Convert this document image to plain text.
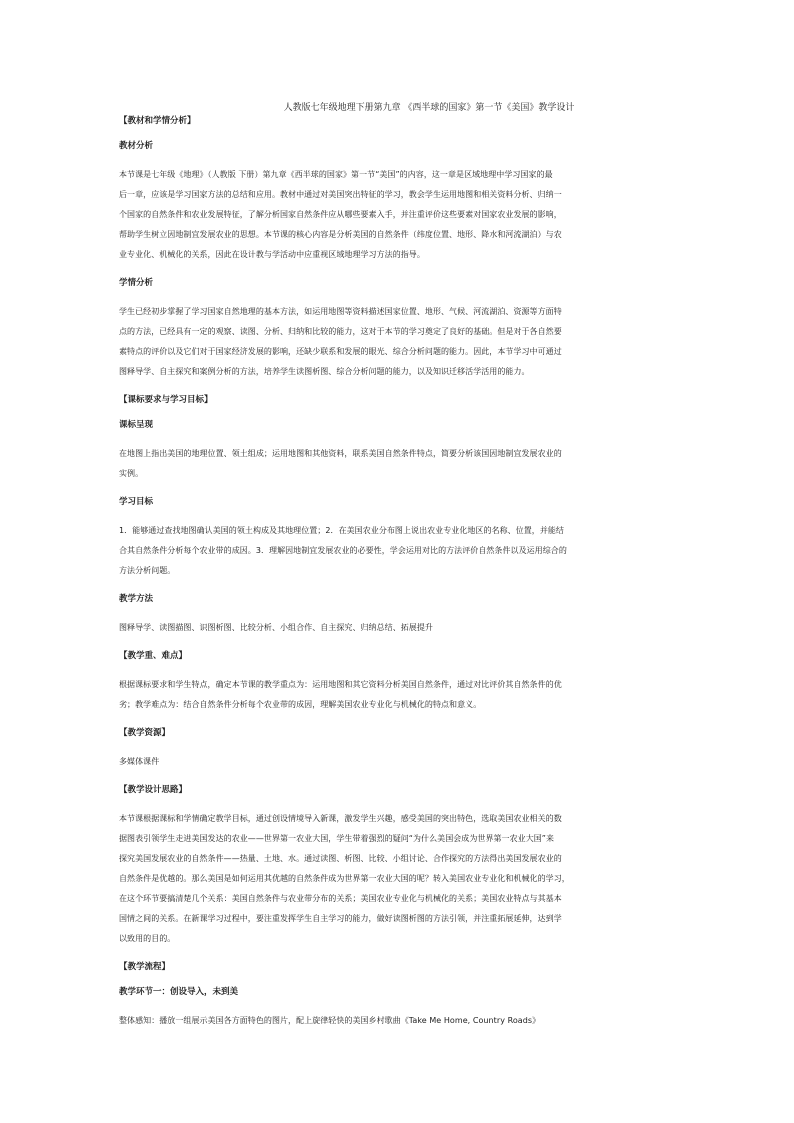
人教版七年级地理下册第九章 《西半球的国家》第一节《美国》教学设计
【教材和学情分析】
教材分析
本节课是七年级《地理》（人教版 下册）第九章《西半球的国家》第一节“美国”的内容，这一章是区域地理中学习国家的最
后一章，应该是学习国家方法的总结和应用。教材中通过对美国突出特征的学习，教会学生运用地图和相关资料分析、归纳一
个国家的自然条件和农业发展特征，了解分析国家自然条件应从哪些要素入手，并注重评价这些要素对国家农业发展的影响，
帮助学生树立因地制宜发展农业的思想。本节课的核心内容是分析美国的自然条件（纬度位置、地形、降水和河流湖泊）与农
业专业化、机械化的关系，因此在设计教与学活动中应重视区域地理学习方法的指导。
学情分析
学生已经初步掌握了学习国家自然地理的基本方法，如运用地图等资料描述国家位置、地形、气候、河流湖泊、资源等方面特
点的方法，已经具有一定的观察、读图、分析、归纳和比较的能力，这对于本节的学习奠定了良好的基础。但是对于各自然要
素特点的评价以及它们对于国家经济发展的影响，还缺少联系和发展的眼光、综合分析问题的能力。因此，本节学习中可通过
图释导学、自主探究和案例分析的方法，培养学生读图析图、综合分析问题的能力，以及知识迁移活学活用的能力。
【课标要求与学习目标】
课标呈现
在地图上指出美国的地理位置、领土组成；运用地图和其他资料，联系美国自然条件特点，简要分析该国因地制宜发展农业的
实例。
学习目标
1．能够通过查找地图确认美国的领土构成及其地理位置；2．在美国农业分布图上说出农业专业化地区的名称、位置，并能结
合其自然条件分析每个农业带的成因。3．理解因地制宜发展农业的必要性，学会运用对比的方法评价自然条件以及运用综合的
方法分析问题。
教学方法
图释导学、读图描图、识图析图、比较分析、小组合作、自主探究、归纳总结、拓展提升
【教学重、难点】
根据课标要求和学生特点，确定本节课的教学重点为：运用地图和其它资料分析美国自然条件，通过对比评价其自然条件的优
劣；教学难点为：结合自然条件分析每个农业带的成因，理解美国农业专业化与机械化的特点和意义。
【教学资源】
多媒体课件
【教学设计思路】
本节课根据课标和学情确定教学目标，通过创设情境导入新课，激发学生兴趣，感受美国的突出特色，选取美国农业相关的数
据图表引领学生走进美国发达的农业——世界第一农业大国，学生带着强烈的疑问“为什么美国会成为世界第一农业大国”来
探究美国发展农业的自然条件——热量、土地、水。通过读图、析图、比较、小组讨论、合作探究的方法得出美国发展农业的
自然条件是优越的。那么美国是如何运用其优越的自然条件成为世界第一农业大国的呢？转入美国农业专业化和机械化的学习，
在这个环节要搞清楚几个关系：美国自然条件与农业带分布的关系；美国农业专业化与机械化的关系；美国农业特点与其基本
国情之间的关系。在新课学习过程中，要注重发挥学生自主学习的能力，做好读图析图的方法引领，并注重拓展延伸，达到学
以致用的目的。
【教学流程】
教学环节一：创设导入，未到美
整体感知：播放一组展示美国各方面特色的图片，配上旋律轻快的美国乡村歌曲《Take Me Home, Country Roads》
